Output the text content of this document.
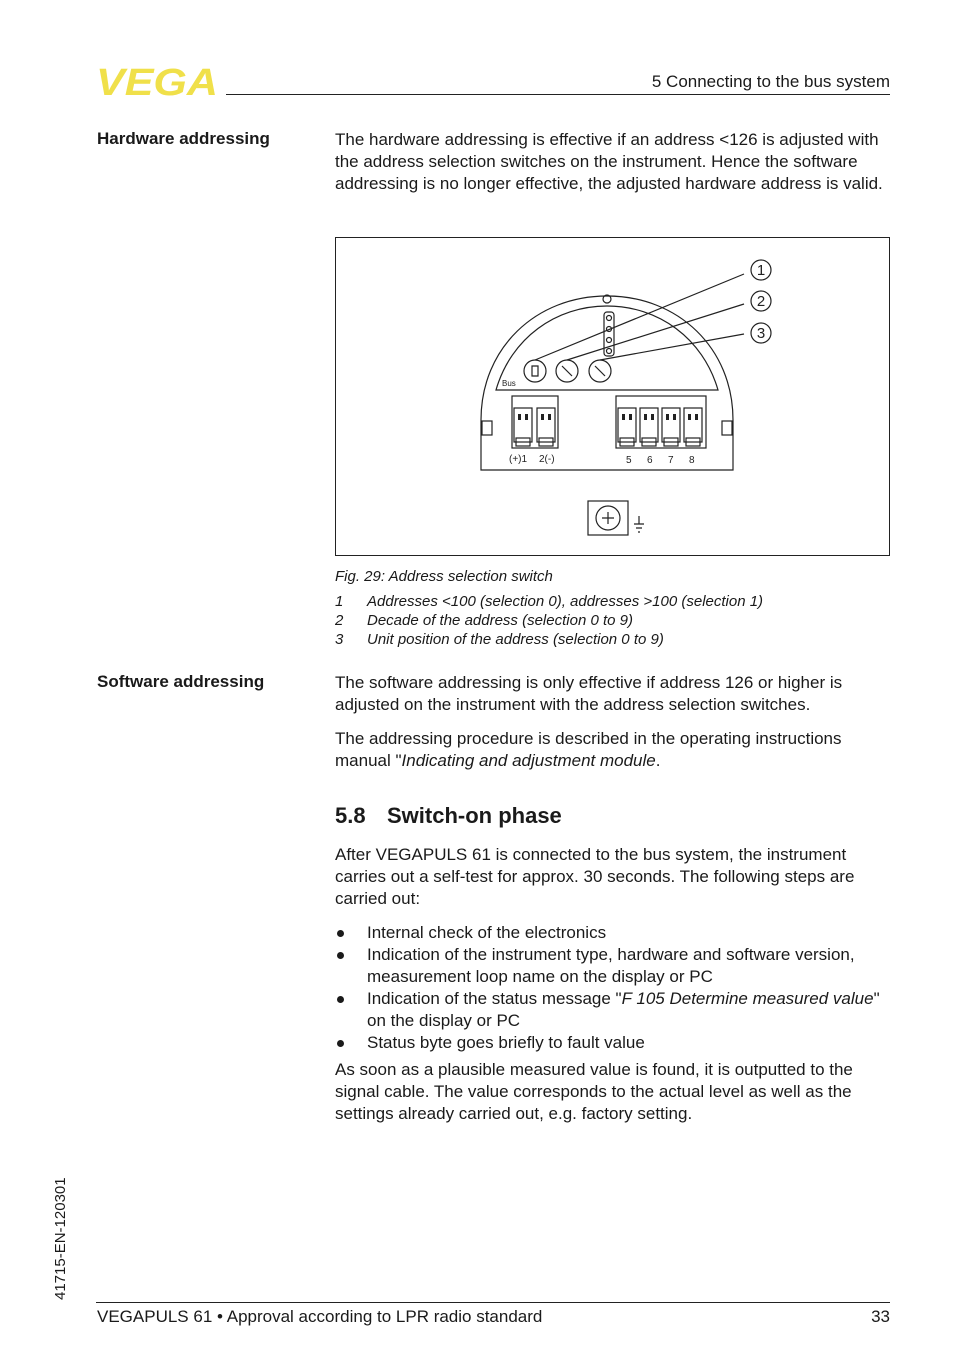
VEGA	5 Connecting to the bus system
Hardware addressing	The hardware addressing is effective if an address <126 is adjusted with the address selection switches on the instrument. Hence the software addressing is no longer effective, the adjusted hardware address is valid.

1
2
3
Bus
(+)1 2(-)	5 6 7 8
Fig. 29: Address selection switch
1 Addresses <100 (selection 0), addresses >100 (selection 1)
2 Decade of the address (selection 0 to 9)
3 Unit position of the address (selection 0 to 9)
Software addressing	The software addressing is only effective if address 126 or higher is adjusted on the instrument with the address selection switches.

The addressing procedure is described in the operating instructions manual "Indicating and adjustment module.

5.8 Switch-on phase

After VEGAPULS 61 is connected to the bus system, the instrument carries out a self-test for approx. 30 seconds. The following steps are carried out:

Internal check of the electronics
Indication of the instrument type, hardware and software version, measurement loop name on the display or PC
Indication of the status message "F 105 Determine measured value" on the display or PC
Status byte goes briefly to fault value

As soon as a plausible measured value is found, it is outputted to the signal cable. The value corresponds to the actual level as well as the settings already carried out, e.g. factory setting.

41715-EN-120301
VEGAPULS 61 • Approval according to LPR radio standard	33
